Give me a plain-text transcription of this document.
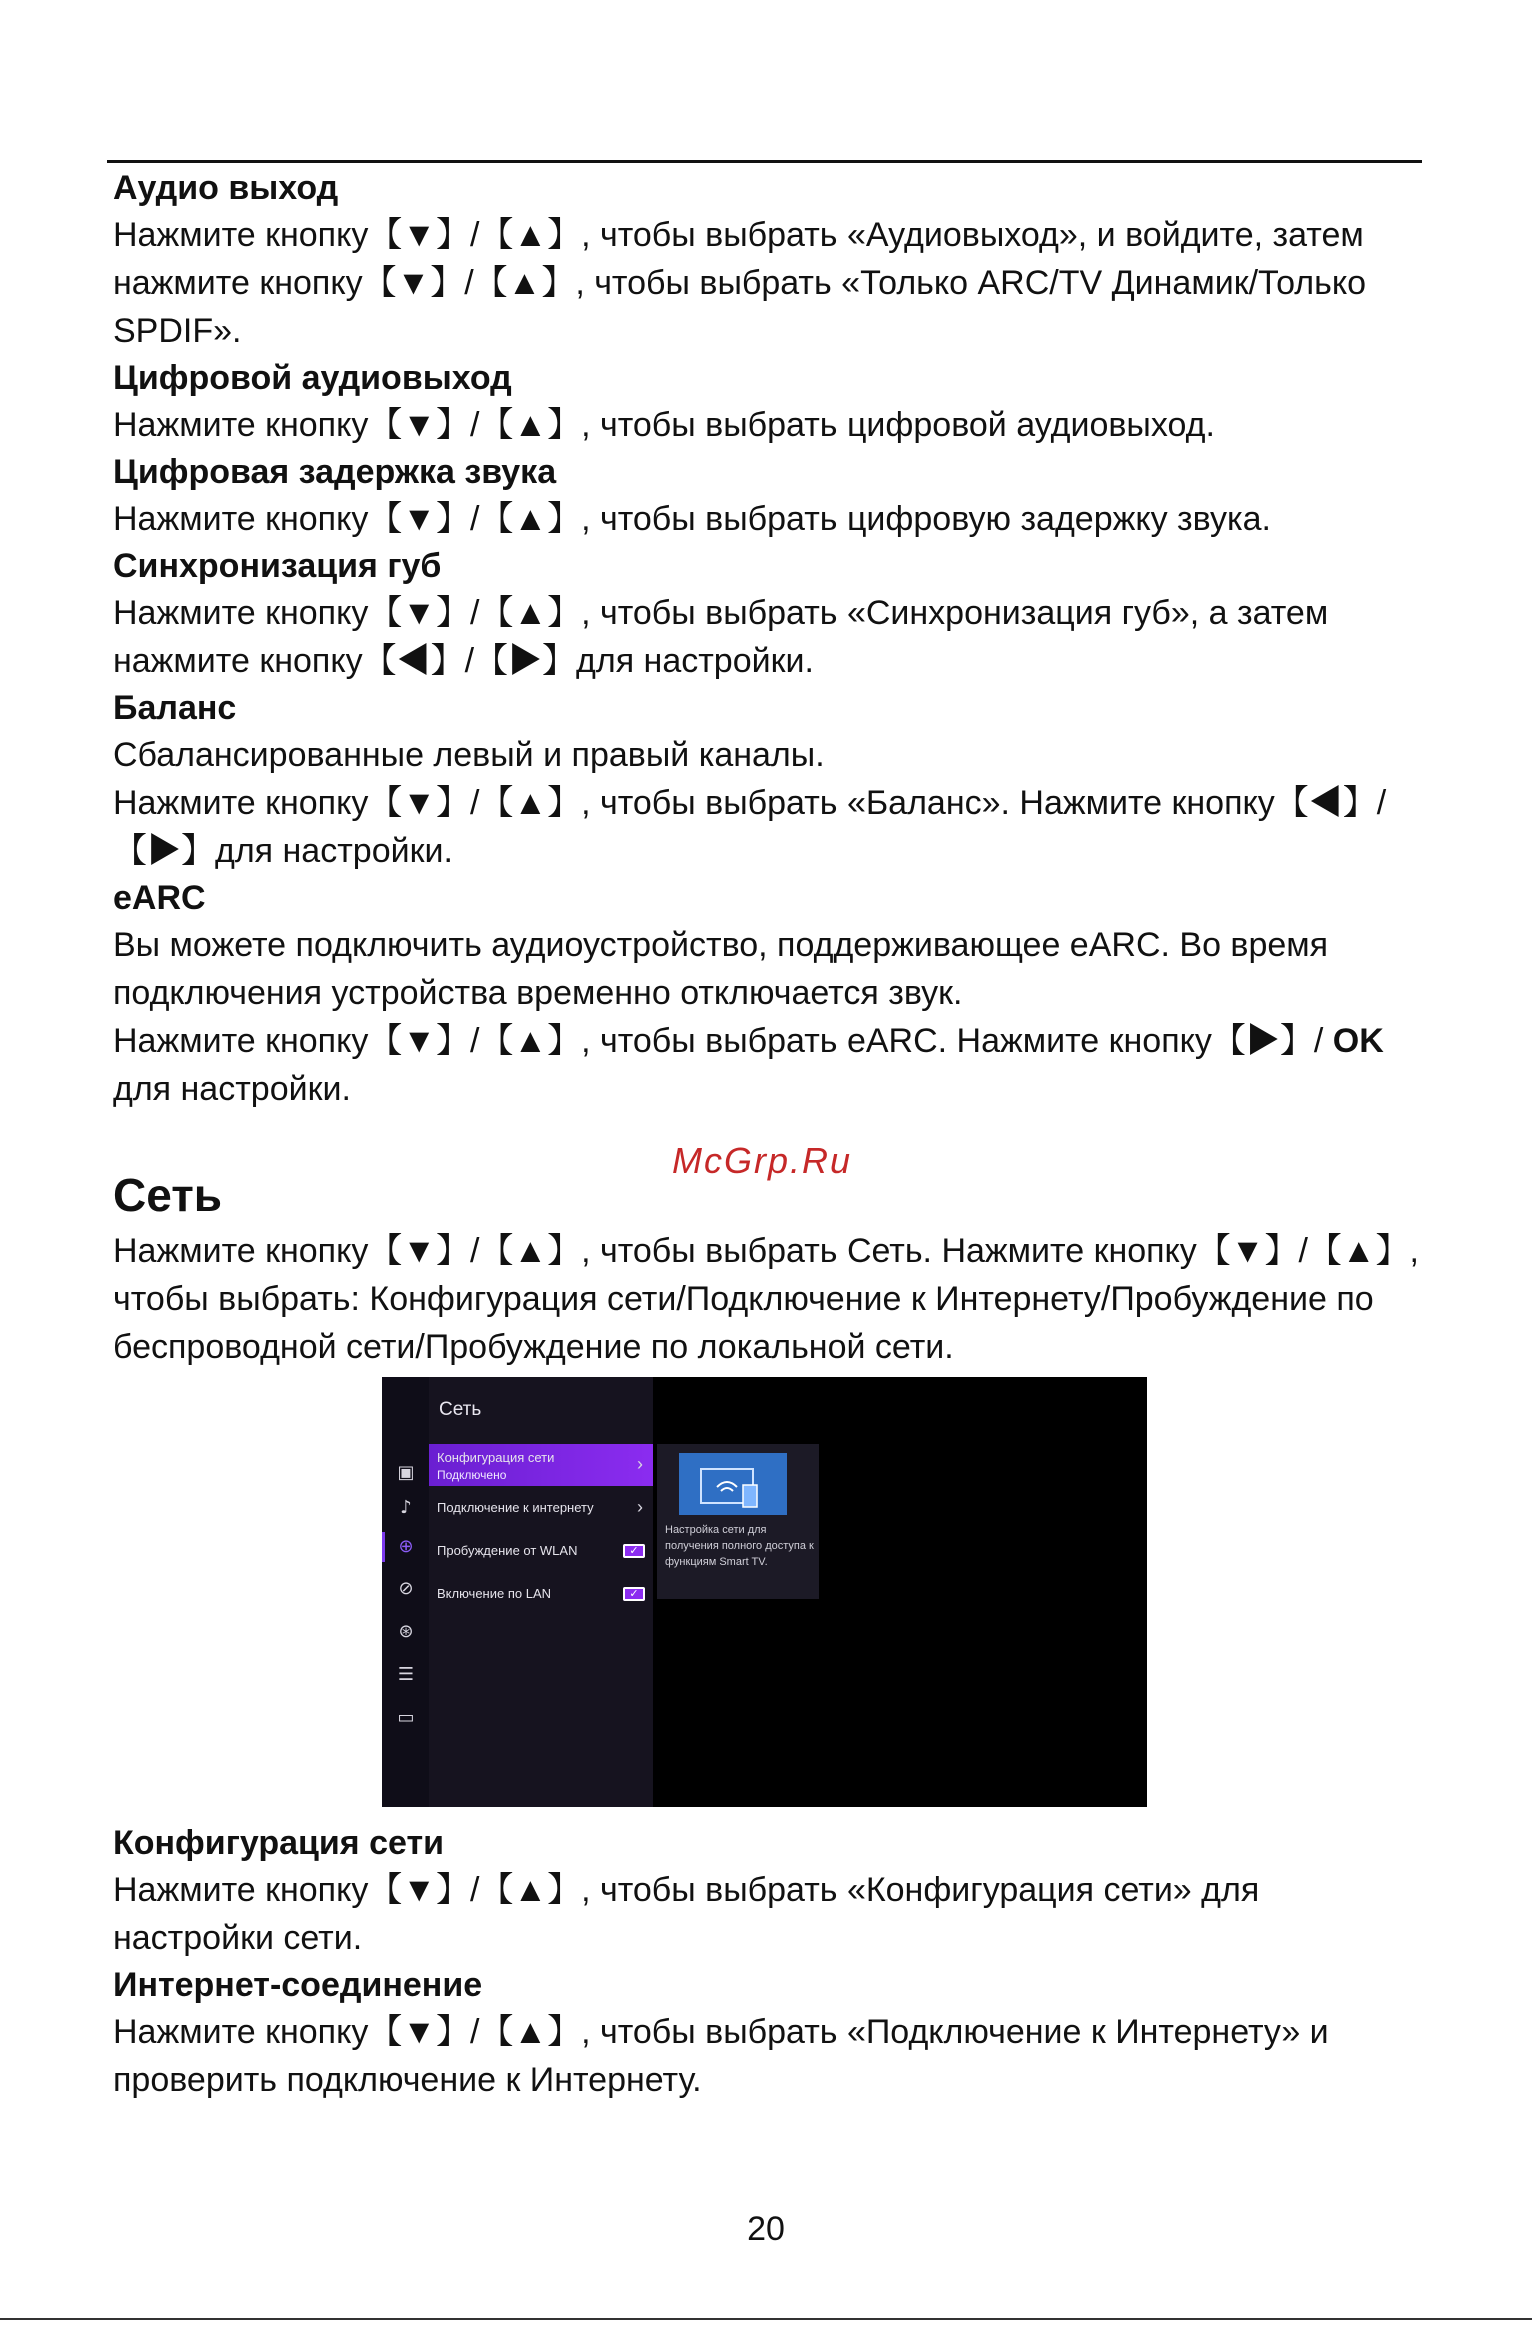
Аудио выход

Нажмите кнопку【▼】/【▲】, чтобы выбрать «Аудиовыход», и войдите, затем нажмите кнопку【▼】/【▲】, чтобы выбрать «Только ARC/TV Динамик/Только SPDIF».

Цифровой аудиовыход

Нажмите кнопку【▼】/【▲】, чтобы выбрать цифровой аудиовыход.

Цифровая задержка звука

Нажмите кнопку【▼】/【▲】, чтобы выбрать цифровую задержку звука.

Синхронизация губ

Нажмите кнопку【▼】/【▲】, чтобы выбрать «Синхронизация губ», а затем нажмите кнопку【◀】/【▶】для настройки.

Баланс

Сбалансированные левый и правый каналы.

Нажмите кнопку【▼】/【▲】, чтобы выбрать «Баланс». Нажмите кнопку【◀】/【▶】для настройки.

eARC

Вы можете подключить аудиоустройство, поддерживающее eARC. Во время подключения устройства временно отключается звук.

Нажмите кнопку【▼】/【▲】, чтобы выбрать eARC. Нажмите кнопку【▶】/ OK для настройки.

Сеть

Нажмите кнопку【▼】/【▲】, чтобы выбрать Сеть. Нажмите кнопку【▼】/【▲】, чтобы выбрать: Конфигурация сети/Подключение к Интернету/Пробуждение по беспроводной сети/Пробуждение по локальной сети.

McGrp.Ru
▣
♪
⊕
⊘
⊛
☰
▭
Сеть
Конфигурация сети
Подключено
›
Подключение к интернету ›
Пробуждение от WLAN	✓
Включение по LAN	✓
Настройка сети для получения полного доступа к функциям Smart TV.

Конфигурация сети

Нажмите кнопку【▼】/【▲】, чтобы выбрать «Конфигурация сети» для настройки сети.

Интернет-соединение

Нажмите кнопку【▼】/【▲】, чтобы выбрать «Подключение к Интернету» и проверить подключение к Интернету.

20
